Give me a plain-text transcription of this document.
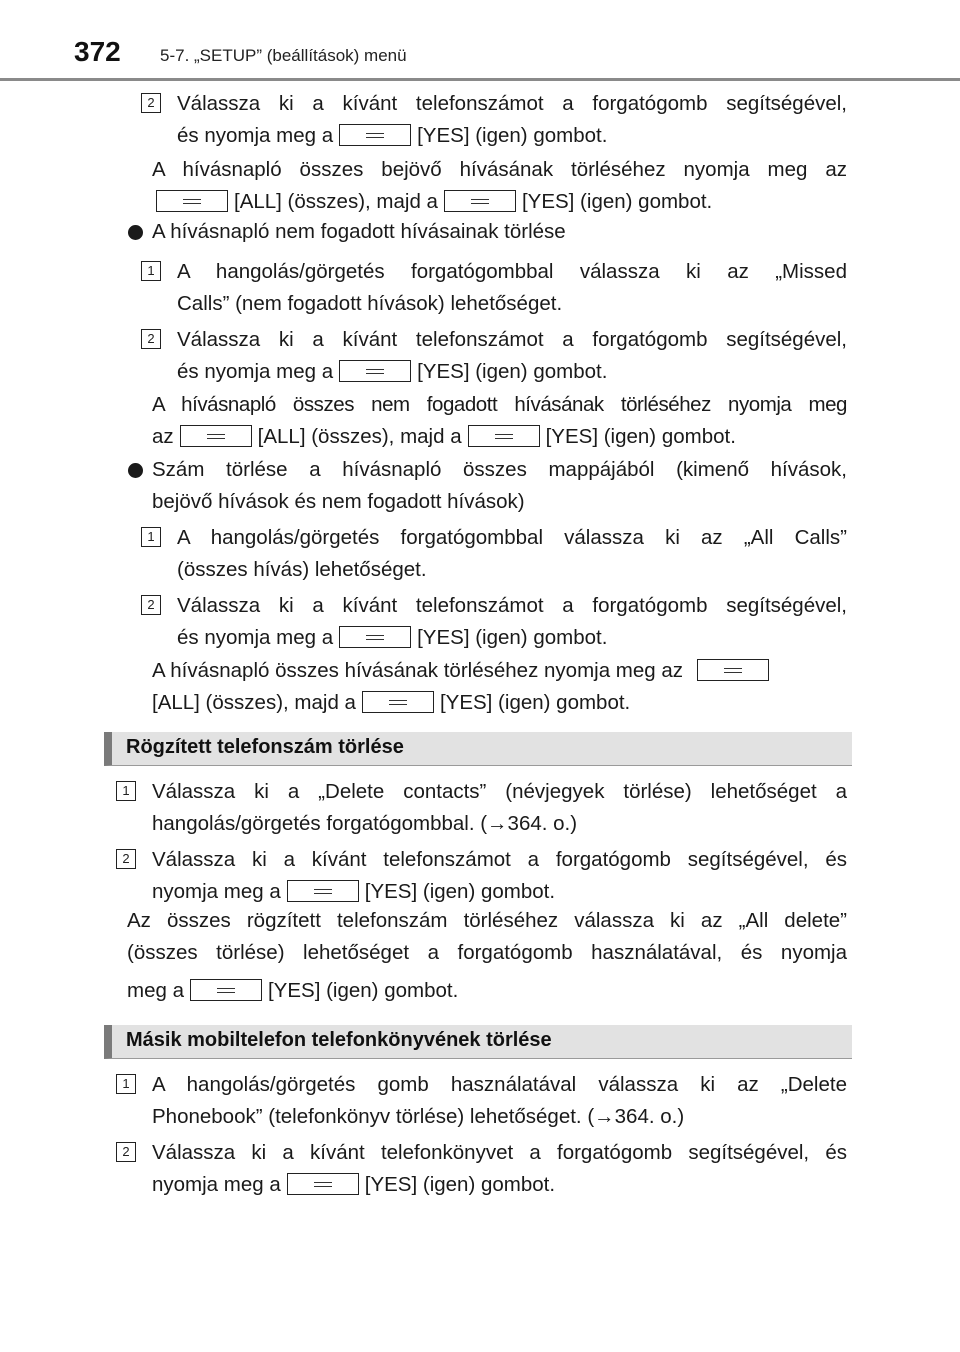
372 5-7. „SETUP” (beállítások) menü
2	Válassza ki a kívánt telefonszámot a forgatógomb segítségével,
és nyomja meg a	[YES] (igen) gombot.
A hívásnapló összes bejövő hívásának törléséhez nyomja meg az
[ALL] (összes), majd a	[YES] (igen) gombot.
A hívásnapló nem fogadott hívásainak törlése
1	A hangolás/görgetés forgatógombbal válassza ki az „Missed
Calls” (nem fogadott hívások) lehetőséget.
2	Válassza ki a kívánt telefonszámot a forgatógomb segítségével,
és nyomja meg a	[YES] (igen) gombot.
A hívásnapló összes nem fogadott hívásának törléséhez nyomja meg
az	[ALL] (összes), majd a	[YES] (igen) gombot.
Szám törlése a hívásnapló összes mappájából (kimenő hívások,
bejövő hívások és nem fogadott hívások)
1	A hangolás/görgetés forgatógombbal válassza ki az „All Calls”
(összes hívás) lehetőséget.
2	Válassza ki a kívánt telefonszámot a forgatógomb segítségével,
és nyomja meg a	[YES] (igen) gombot.
A hívásnapló összes hívásának törléséhez nyomja meg az
[ALL] (összes), majd a	[YES] (igen) gombot.
Rögzített telefonszám törlése
1	Válassza ki a „Delete contacts” (névjegyek törlése) lehetőséget a
hangolás/görgetés forgatógombbal. (→364. o.)
2	Válassza ki a kívánt telefonszámot a forgatógomb segítségével, és
nyomja meg a	[YES] (igen) gombot.
Az összes rögzített telefonszám törléséhez válassza ki az „All delete”
(összes törlése) lehetőséget a forgatógomb használatával, és nyomja
meg a	[YES] (igen) gombot.
Másik mobiltelefon telefonkönyvének törlése
1	A hangolás/görgetés gomb használatával válassza ki az „Delete
Phonebook” (telefonkönyv törlése) lehetőséget. (→364. o.)
2	Válassza ki a kívánt telefonkönyvet a forgatógomb segítségével, és
nyomja meg a	[YES] (igen) gombot.
